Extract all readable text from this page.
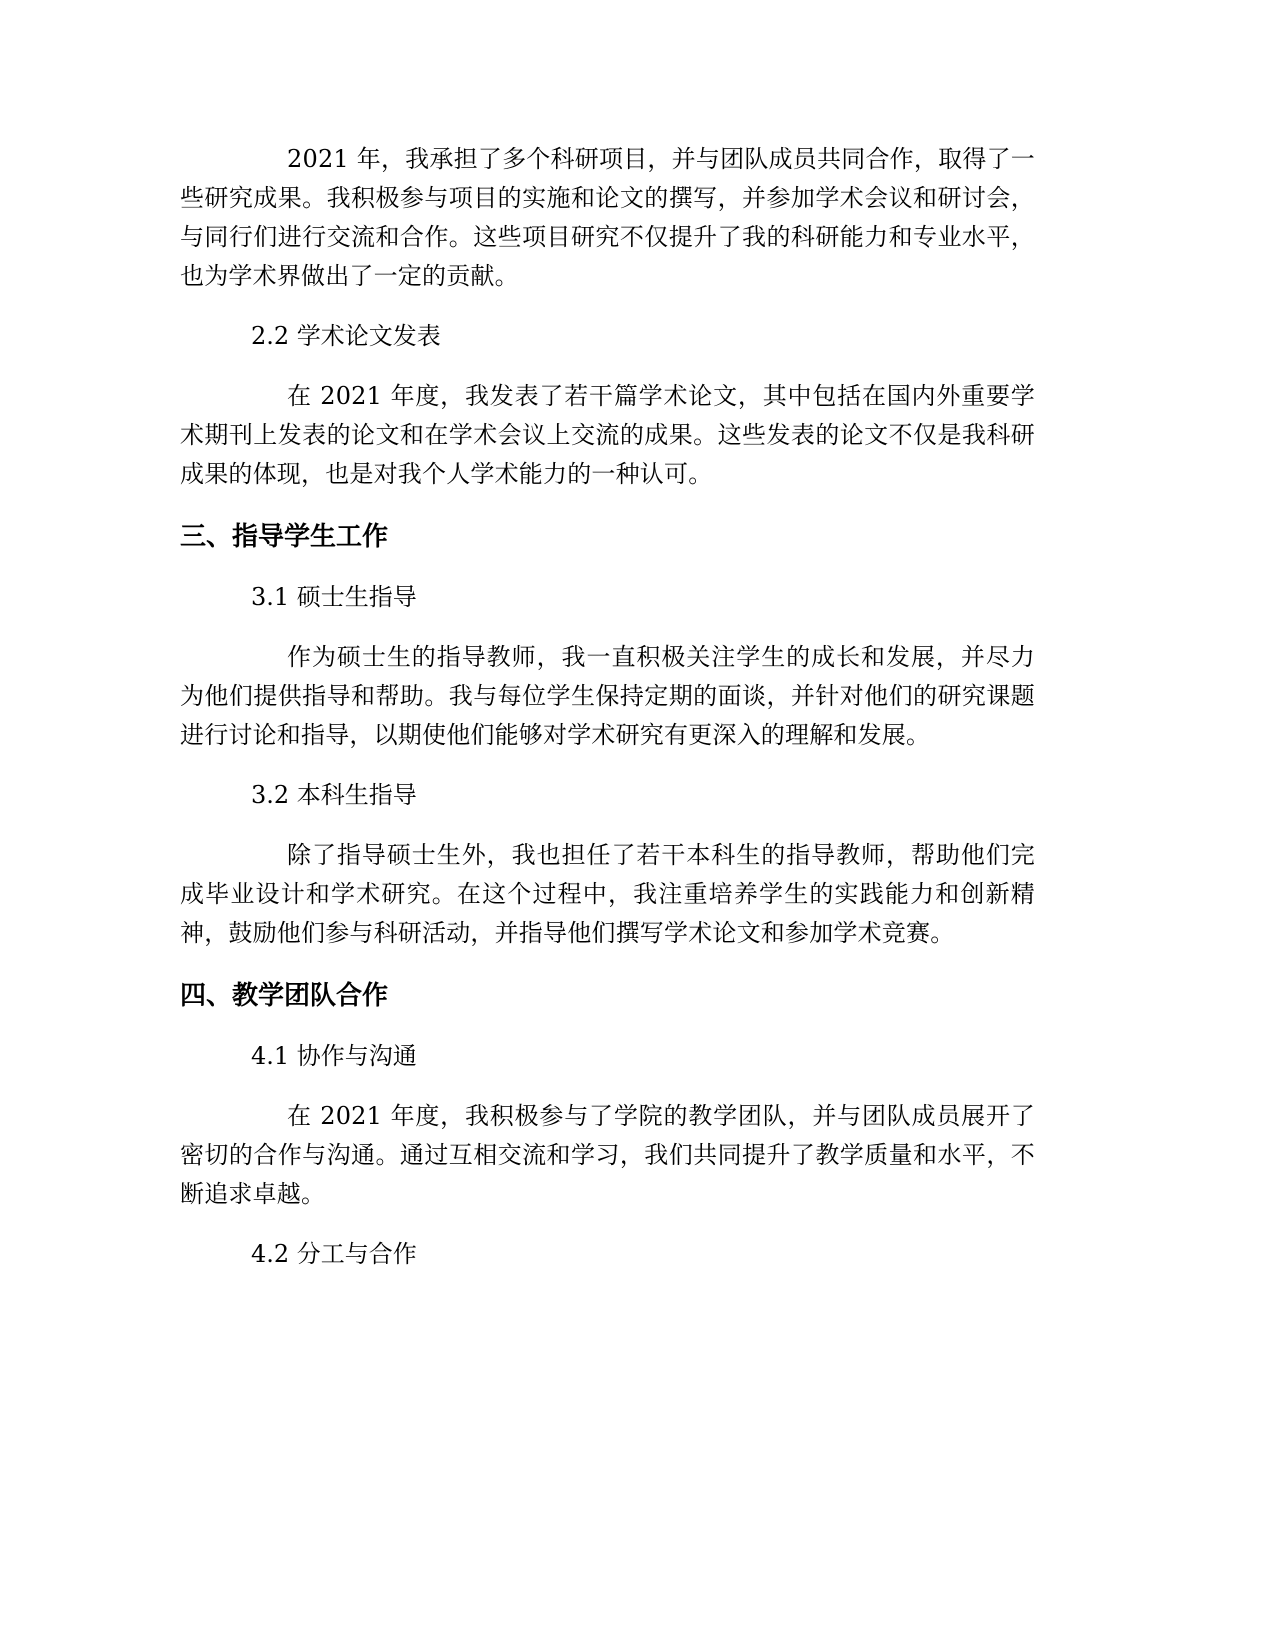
2021 年，我承担了多个科研项目，并与团队成员共同合作，取得了一些研究成果。我积极参与项目的实施和论文的撰写，并参加学术会议和研讨会，与同行们进行交流和合作。这些项目研究不仅提升了我的科研能力和专业水平，也为学术界做出了一定的贡献。

2.2 学术论文发表

在 2021 年度，我发表了若干篇学术论文，其中包括在国内外重要学术期刊上发表的论文和在学术会议上交流的成果。这些发表的论文不仅是我科研成果的体现，也是对我个人学术能力的一种认可。

三、指导学生工作

3.1 硕士生指导

作为硕士生的指导教师，我一直积极关注学生的成长和发展，并尽力为他们提供指导和帮助。我与每位学生保持定期的面谈，并针对他们的研究课题进行讨论和指导，以期使他们能够对学术研究有更深入的理解和发展。

3.2 本科生指导

除了指导硕士生外，我也担任了若干本科生的指导教师，帮助他们完成毕业设计和学术研究。在这个过程中，我注重培养学生的实践能力和创新精神，鼓励他们参与科研活动，并指导他们撰写学术论文和参加学术竞赛。

四、教学团队合作

4.1 协作与沟通

在 2021 年度，我积极参与了学院的教学团队，并与团队成员展开了密切的合作与沟通。通过互相交流和学习，我们共同提升了教学质量和水平，不断追求卓越。

4.2 分工与合作
